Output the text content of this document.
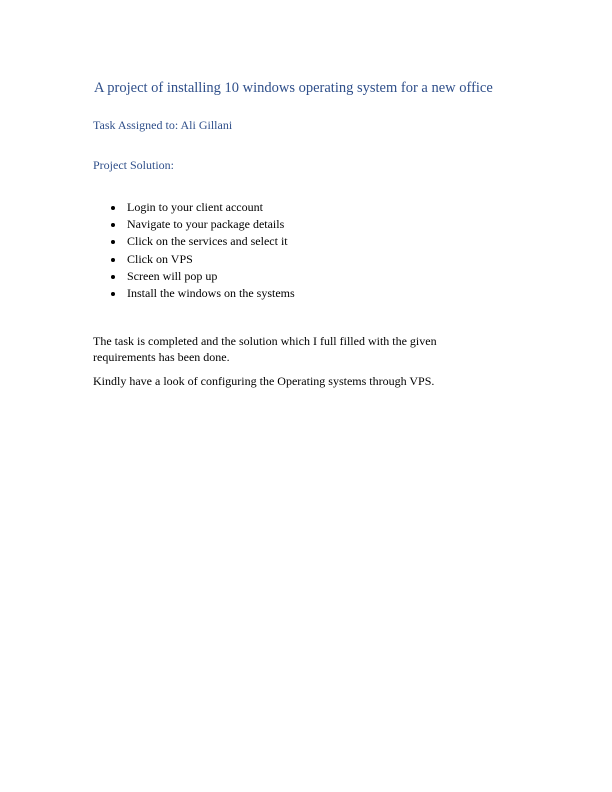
A project of installing 10 windows operating system for a new office

Task Assigned to: Ali Gillani

Project Solution:

Login to your client account
Navigate to your package details
Click on the services and select it
Click on VPS
Screen will pop up
Install the windows on the systems

The task is completed and the solution which I full filled with the given requirements has been done.

Kindly have a look of configuring the Operating systems through VPS.
